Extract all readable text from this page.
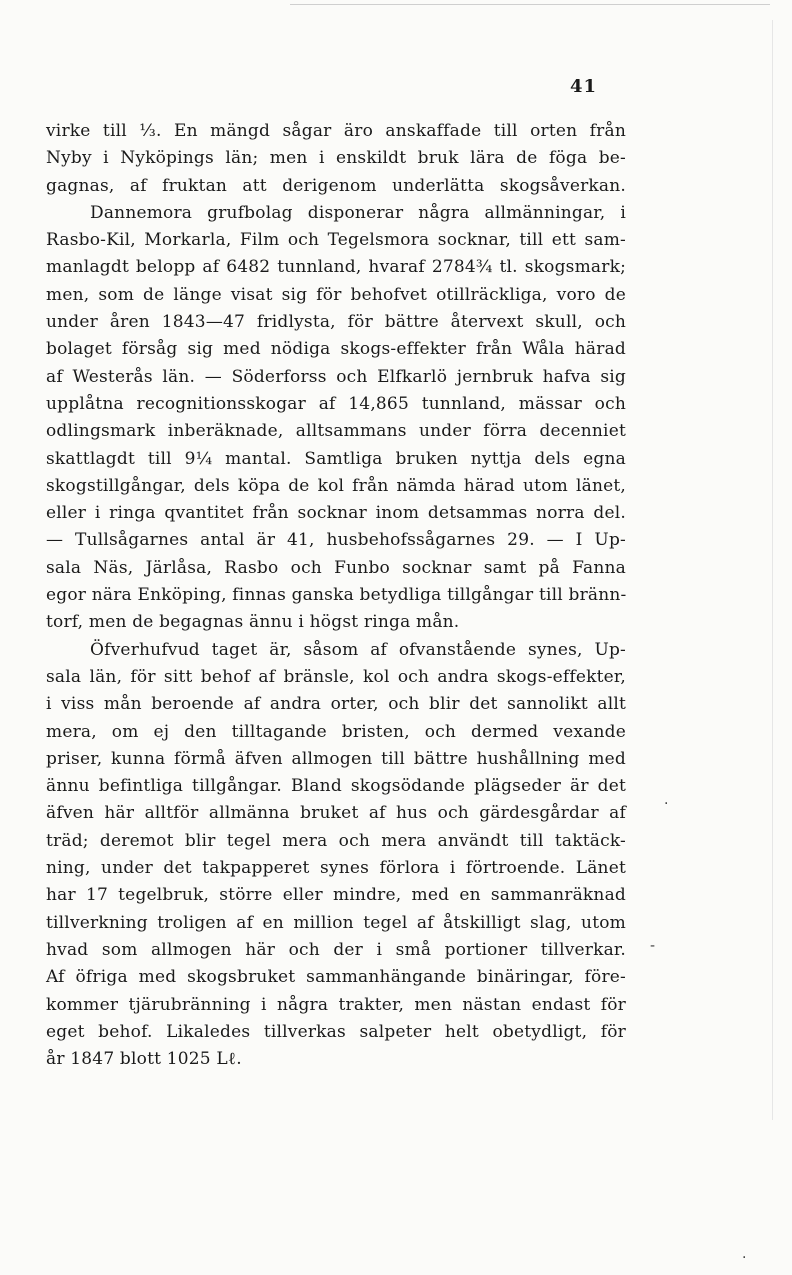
41
virke till ⅓. En mängd sågar äro anskaffade till orten från
Nyby i Nyköpings län; men i enskildt bruk lära de föga be-
gagnas, af fruktan att derigenom underlätta skogsåverkan.
Dannemora grufbolag disponerar några allmänningar, i
Rasbo-Kil, Morkarla, Film och Tegelsmora socknar, till ett sam-
manlagdt belopp af 6482 tunnland, hvaraf 2784¾ tl. skogsmark;
men, som de länge visat sig för behofvet otillräckliga, voro de
under åren 1843—47 fridlysta, för bättre återvext skull, och
bolaget försåg sig med nödiga skogs-effekter från Wåla härad
af Westerås län. — Söderforss och Elfkarlö jernbruk hafva sig
upplåtna recognitionsskogar af 14,865 tunnland, mässar och
odlingsmark inberäknade, alltsammans under förra decenniet
skattlagdt till 9¼ mantal. Samtliga bruken nyttja dels egna
skogstillgångar, dels köpa de kol från nämda härad utom länet,
eller i ringa qvantitet från socknar inom detsammas norra del.
— Tullsågarnes antal är 41, husbehofssågarnes 29. — I Up-
sala Näs, Järlåsa, Rasbo och Funbo socknar samt på Fanna
egor nära Enköping, finnas ganska betydliga tillgångar till bränn-
torf, men de begagnas ännu i högst ringa mån.
Öfverhufvud taget är, såsom af ofvanstående synes, Up-
sala län, för sitt behof af bränsle, kol och andra skogs-effekter,
i viss mån beroende af andra orter, och blir det sannolikt allt
mera, om ej den tilltagande bristen, och dermed vexande
priser, kunna förmå äfven allmogen till bättre hushållning med
ännu befintliga tillgångar. Bland skogsödande plägseder är det
äfven här alltför allmänna bruket af hus och gärdesgårdar af
träd; deremot blir tegel mera och mera användt till taktäck-
ning, under det takpapperet synes förlora i förtroende. Länet
har 17 tegelbruk, större eller mindre, med en sammanräknad
tillverkning troligen af en million tegel af åtskilligt slag, utom
hvad som allmogen här och der i små portioner tillverkar.
Af öfriga med skogsbruket sammanhängande binäringar, före-
kommer tjärubränning i några trakter, men nästan endast för
eget behof. Likaledes tillverkas salpeter helt obetydligt, för
år 1847 blott 1025 Lℓ.
·
-
·
